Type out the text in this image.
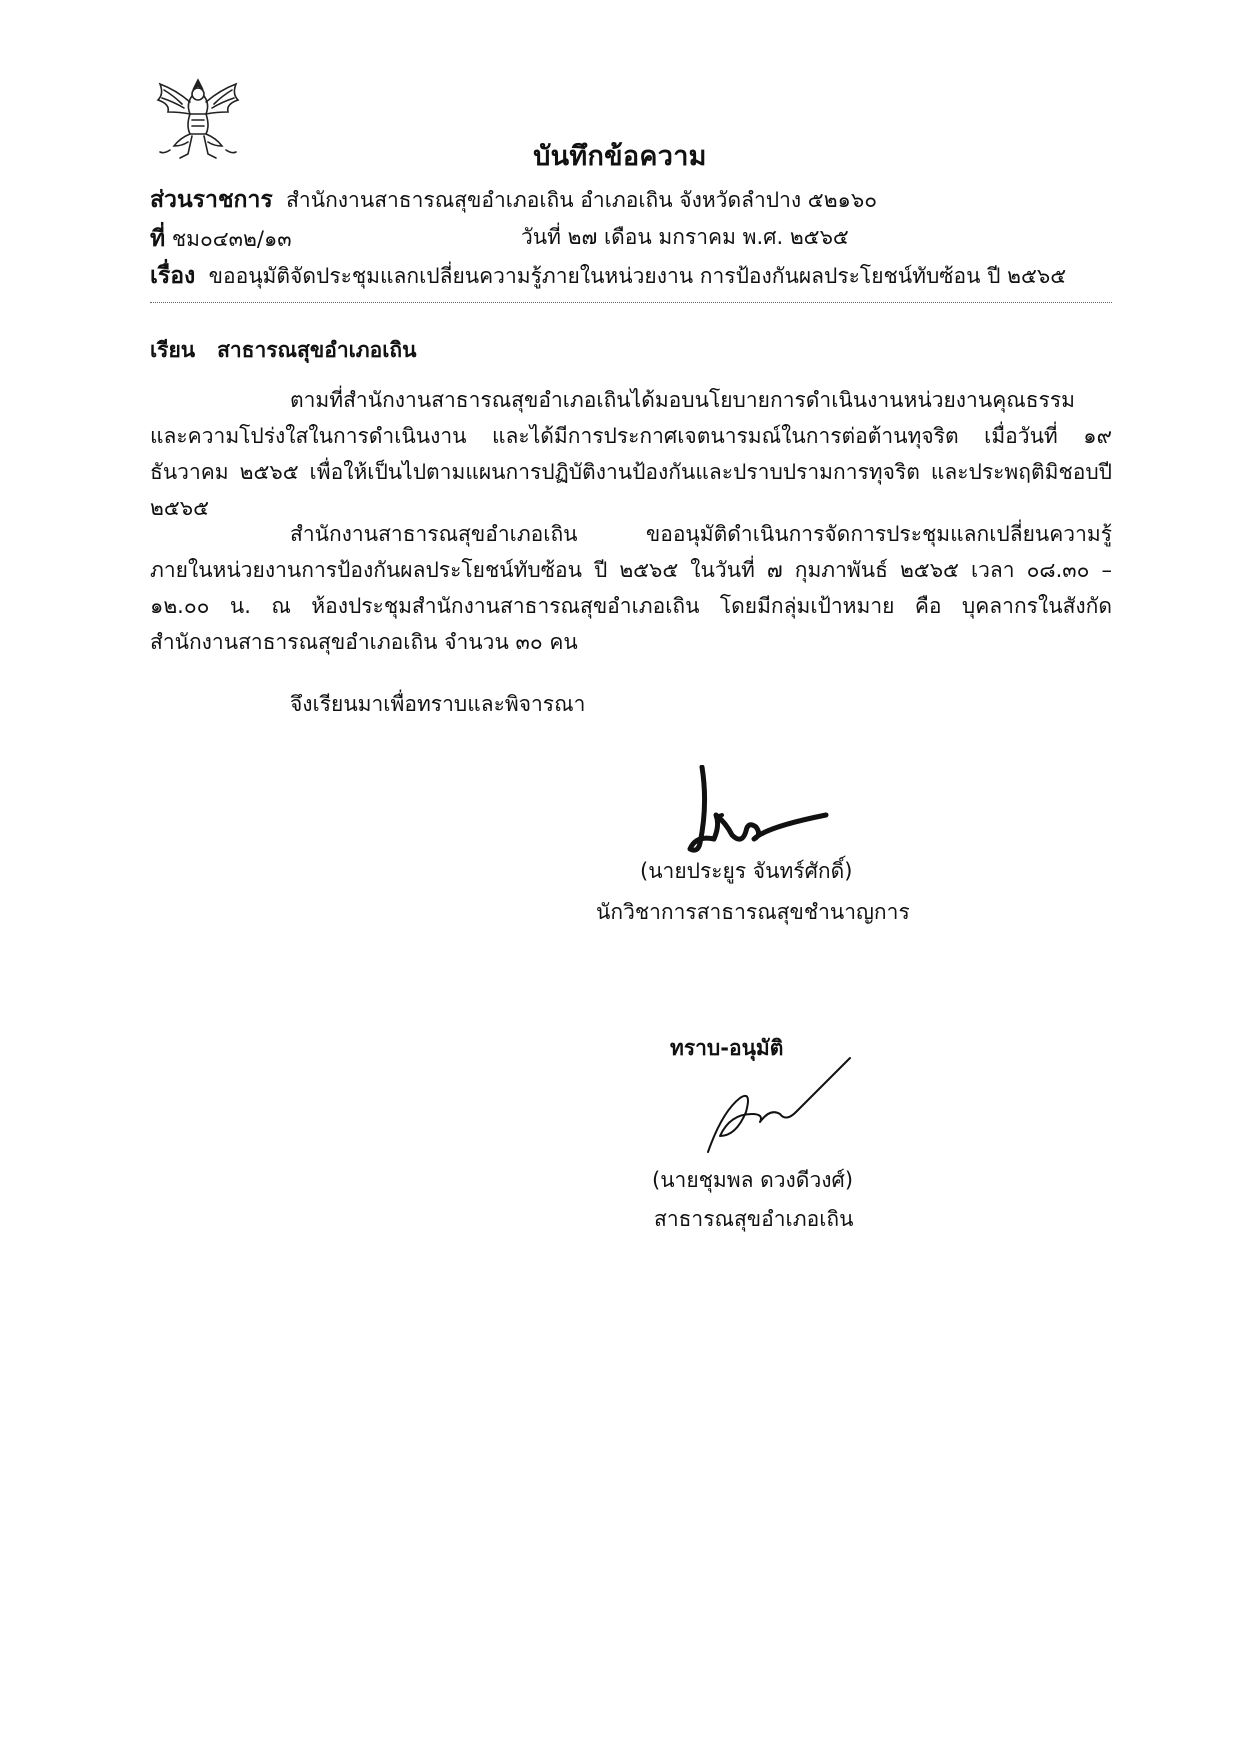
บันทึกข้อความ
ส่วนราชการ สำนักงานสาธารณสุขอำเภอเถิน อำเภอเถิน จังหวัดลำปาง ๕๒๑๖๐
ที่ ชม๐๔๓๒/๑๓	วันที่ ๒๗ เดือน มกราคม พ.ศ. ๒๕๖๕
เรื่อง ขออนุมัติจัดประชุมแลกเปลี่ยนความรู้ภายในหน่วยงาน การป้องกันผลประโยชน์ทับซ้อน ปี ๒๕๖๕
เรียน สาธารณสุขอำเภอเถิน

ตามที่สำนักงานสาธารณสุขอำเภอเถินได้มอบนโยบายการดำเนินงานหน่วยงานคุณธรรม และความโปร่งใสในการดำเนินงาน และได้มีการประกาศเจตนารมณ์ในการต่อต้านทุจริต เมื่อวันที่ ๑๙ ธันวาคม ๒๕๖๕ เพื่อให้เป็นไปตามแผนการปฏิบัติงานป้องกันและปราบปรามการทุจริต และประพฤติมิชอบปี ๒๕๖๕

สำนักงานสาธารณสุขอำเภอเถิน ขออนุมัติดำเนินการจัดการประชุมแลกเปลี่ยนความรู้ภายในหน่วยงานการป้องกันผลประโยชน์ทับซ้อน ปี ๒๕๖๕ ในวันที่ ๗ กุมภาพันธ์ ๒๕๖๕ เวลา ๐๘.๓๐ – ๑๒.๐๐ น. ณ ห้องประชุมสำนักงานสาธารณสุขอำเภอเถิน โดยมีกลุ่มเป้าหมาย คือ บุคลากรในสังกัดสำนักงานสาธารณสุขอำเภอเถิน จำนวน ๓๐ คน

จึงเรียนมาเพื่อทราบและพิจารณา

(นายประยูร จันทร์ศักดิ์)
นักวิชาการสาธารณสุขชำนาญการ
ทราบ-อนุมัติ
(นายชุมพล ดวงดีวงศ์)
สาธารณสุขอำเภอเถิน
